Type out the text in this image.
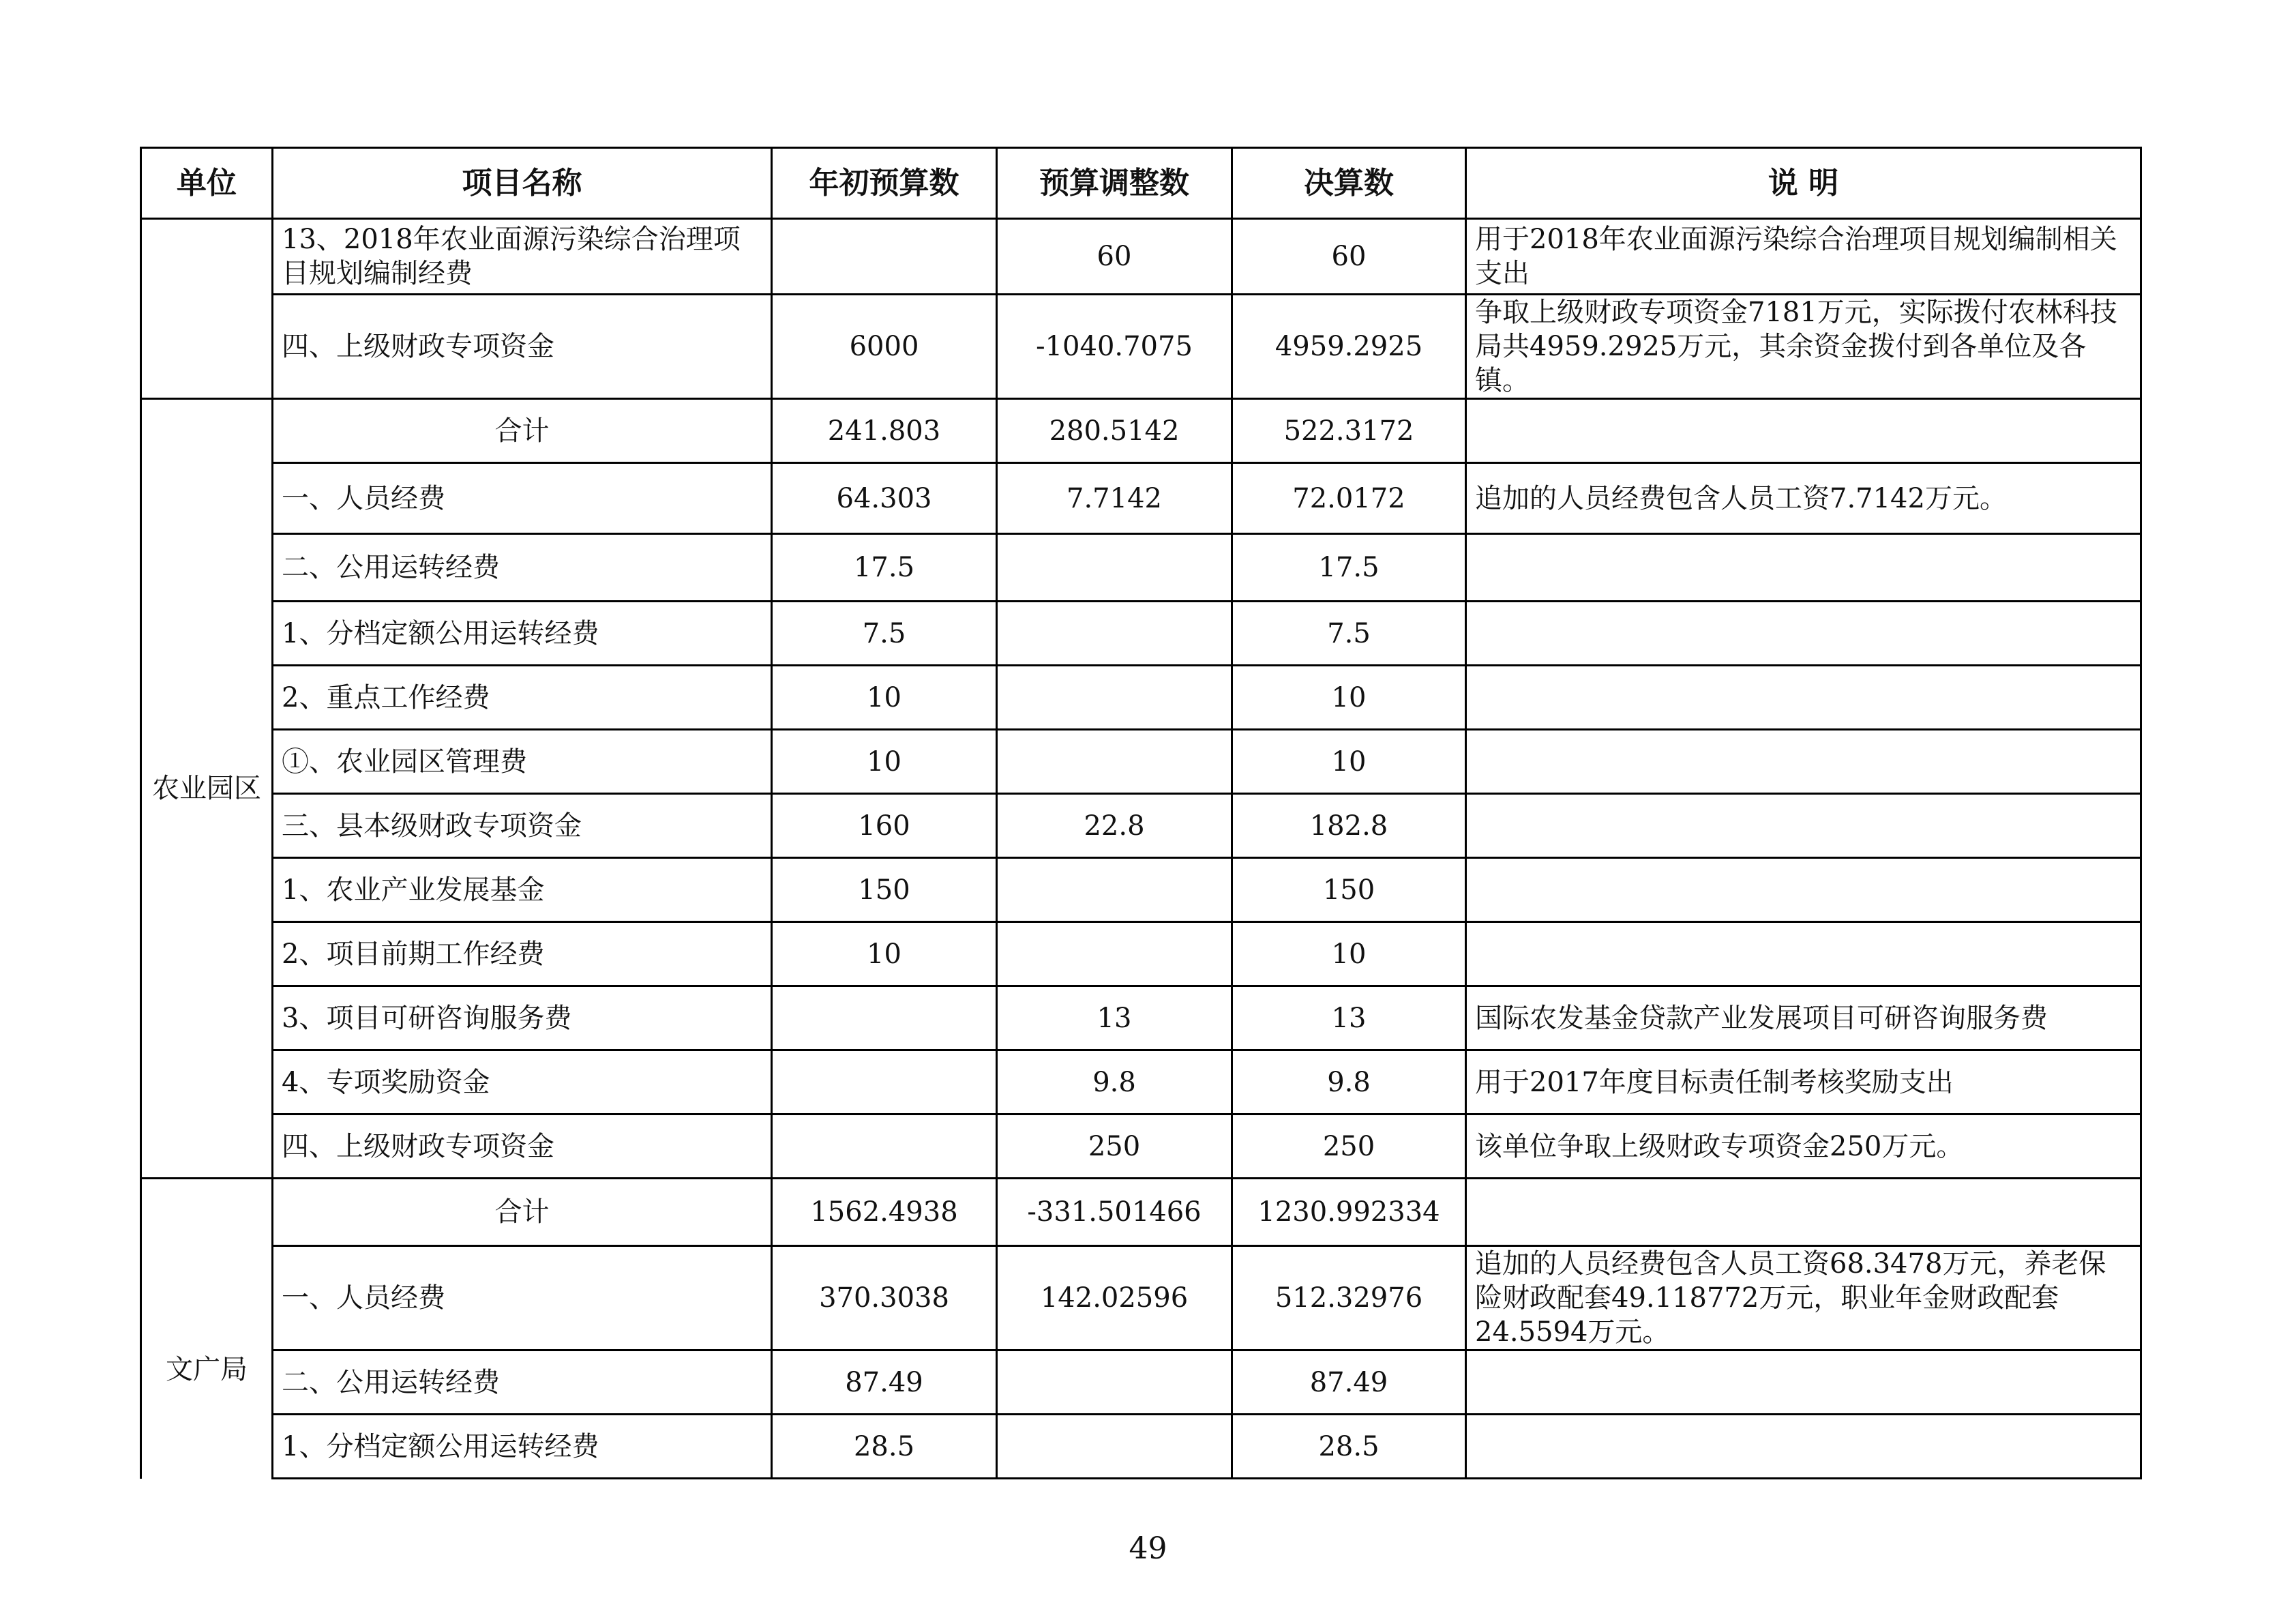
单位	项目名称	年初预算数	预算调整数	决算数	说 明
	13、2018年农业面源污染综合治理项目规划编制经费		60	60	用于2018年农业面源污染综合治理项目规划编制相关支出
	四、上级财政专项资金	6000	-1040.7075	4959.2925	争取上级财政专项资金7181万元，实际拨付农林科技局共4959.2925万元，其余资金拨付到各单位及各镇。
农业园区	合计	241.803	280.5142	522.3172	
	一、人员经费	64.303	7.7142	72.0172	追加的人员经费包含人员工资7.7142万元。
	二、公用运转经费	17.5		17.5	
	1、分档定额公用运转经费	7.5		7.5	
	2、重点工作经费	10		10	
	①、农业园区管理费	10		10	
	三、县本级财政专项资金	160	22.8	182.8	
	1、农业产业发展基金	150		150	
	2、项目前期工作经费	10		10	
	3、项目可研咨询服务费		13	13	国际农发基金贷款产业发展项目可研咨询服务费
	4、专项奖励资金		9.8	9.8	用于2017年度目标责任制考核奖励支出
	四、上级财政专项资金		250	250	该单位争取上级财政专项资金250万元。
文广局	合计	1562.4938	-331.501466	1230.992334	
	一、人员经费	370.3038	142.02596	512.32976	追加的人员经费包含人员工资68.3478万元，养老保险财政配套49.118772万元，职业年金财政配套24.5594万元。
	二、公用运转经费	87.49		87.49	
	1、分档定额公用运转经费	28.5		28.5	
49
